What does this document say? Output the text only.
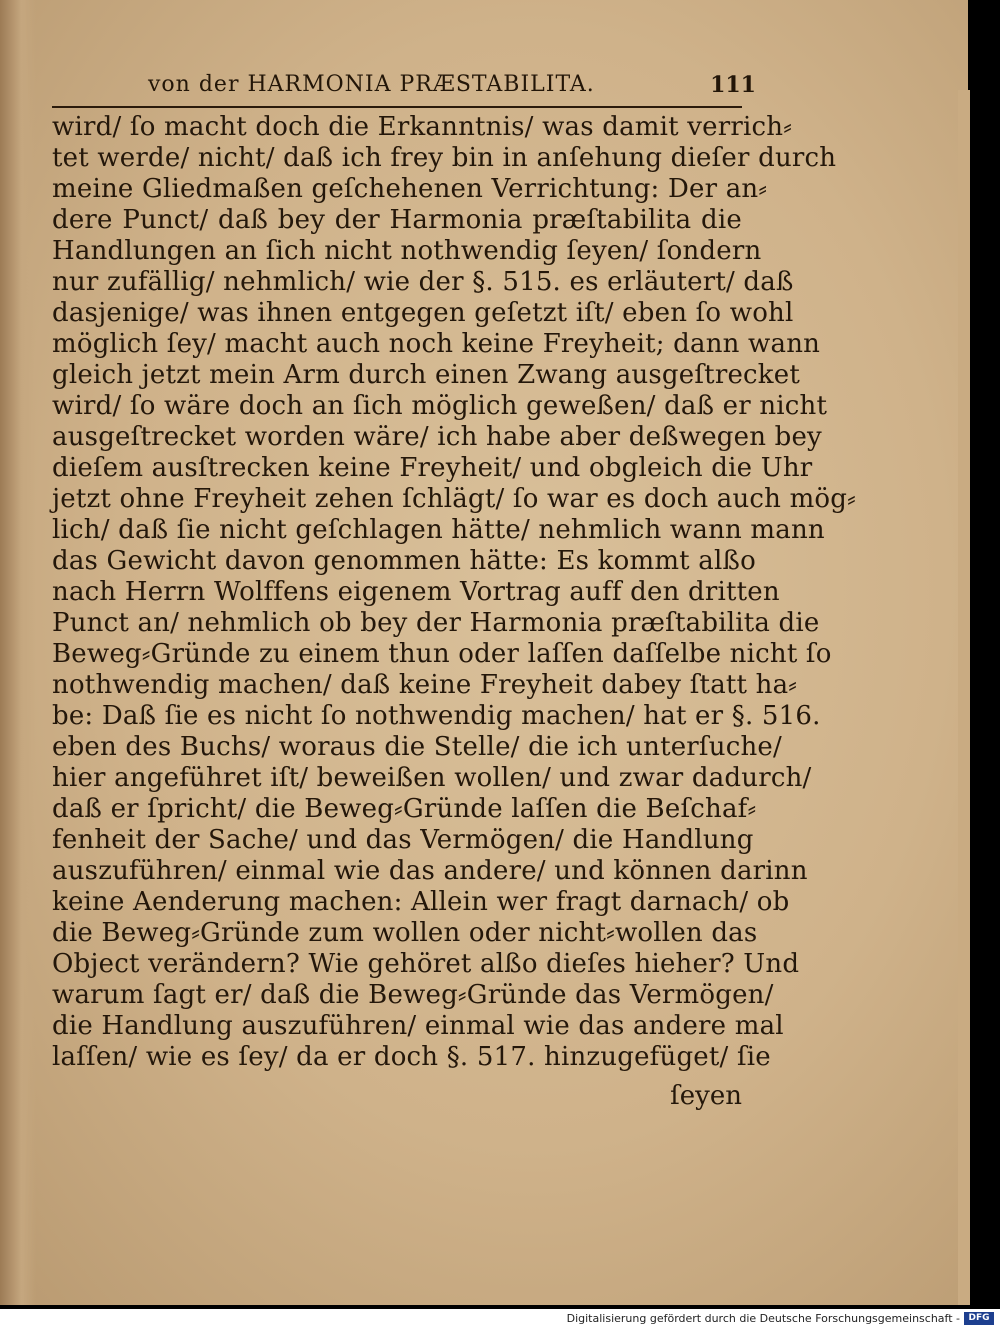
von der HARMONIA PRÆSTABILITA.	111
wird/ ſo macht doch die Erkanntnis/ was damit verrich⸗
tet werde/ nicht/ daß ich frey bin in anſehung dieſer durch
meine Gliedmaßen geſchehenen Verrichtung: Der an⸗
dere Punct/ daß bey der Harmonia præſtabilita die
Handlungen an ſich nicht nothwendig ſeyen/ ſondern
nur zufällig/ nehmlich/ wie der §. 515. es erläutert/ daß
dasjenige/ was ihnen entgegen geſetzt iſt/ eben ſo wohl
möglich ſey/ macht auch noch keine Freyheit; dann wann
gleich jetzt mein Arm durch einen Zwang ausgeſtrecket
wird/ ſo wäre doch an ſich möglich geweßen/ daß er nicht
ausgeſtrecket worden wäre/ ich habe aber deßwegen bey
dieſem ausſtrecken keine Freyheit/ und obgleich die Uhr
jetzt ohne Freyheit zehen ſchlägt/ ſo war es doch auch mög⸗
lich/ daß ſie nicht geſchlagen hätte/ nehmlich wann mann
das Gewicht davon genommen hätte: Es kommt alßo
nach Herrn Wolffens eigenem Vortrag auff den dritten
Punct an/ nehmlich ob bey der Harmonia præſtabilita die
Beweg⸗Gründe zu einem thun oder laſſen daſſelbe nicht ſo
nothwendig machen/ daß keine Freyheit dabey ſtatt ha⸗
be: Daß ſie es nicht ſo nothwendig machen/ hat er §. 516.
eben des Buchs/ woraus die Stelle/ die ich unterſuche/
hier angeführet iſt/ beweißen wollen/ und zwar dadurch/
daß er ſpricht/ die Beweg⸗Gründe laſſen die Beſchaf⸗
fenheit der Sache/ und das Vermögen/ die Handlung
auszuführen/ einmal wie das andere/ und können darinn
keine Aenderung machen: Allein wer fragt darnach/ ob
die Beweg⸗Gründe zum wollen oder nicht⸗wollen das
Object verändern? Wie gehöret alßo dieſes hieher? Und
warum ſagt er/ daß die Beweg⸗Gründe das Vermögen/
die Handlung auszuführen/ einmal wie das andere mal
laſſen/ wie es ſey/ da er doch §. 517. hinzugefüget/ ſie
ſeyen
Digitalisierung gefördert durch die Deutsche Forschungsgemeinschaft - DFG
